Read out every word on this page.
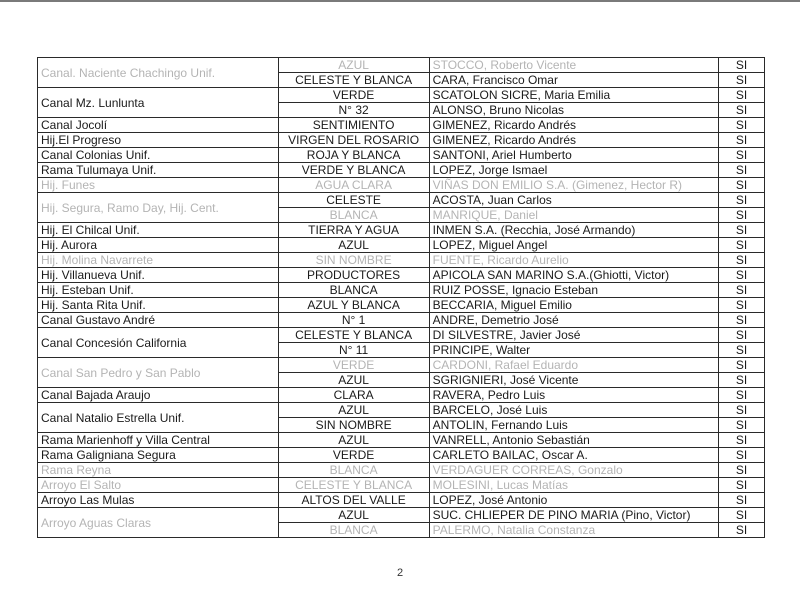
Canal. Naciente Chachingo Unif.	AZUL	STOCCO, Roberto Vicente	SI
	CELESTE Y BLANCA	CARA, Francisco Omar	SI
Canal Mz. Lunlunta	VERDE	SCATOLON SICRE, Maria Emilia	SI
	N° 32	ALONSO, Bruno Nicolas	SI
Canal Jocolí	SENTIMIENTO	GIMENEZ, Ricardo Andrés	SI
Hij.El Progreso	VIRGEN DEL ROSARIO	GIMENEZ, Ricardo Andrés	SI
Canal Colonias Unif.	ROJA Y BLANCA	SANTONI, Ariel Humberto	SI
Rama Tulumaya Unif.	VERDE Y BLANCA	LOPEZ, Jorge Ismael	SI
Hij. Funes	AGUA CLARA	VIÑAS DON EMILIO S.A. (Gimenez, Hector R)	SI
Hij. Segura, Ramo Day, Hij. Cent.	CELESTE	ACOSTA, Juan Carlos	SI
	BLANCA	MANRIQUE, Daniel	SI
Hij. El Chilcal Unif.	TIERRA Y AGUA	INMEN S.A. (Recchia, José Armando)	SI
Hij. Aurora	AZUL	LOPEZ, Miguel Angel	SI
Hij. Molina Navarrete	SIN NOMBRE	FUENTE, Ricardo Aurelio	SI
Hij. Villanueva Unif.	PRODUCTORES	APICOLA SAN MARINO S.A.(Ghiotti, Victor)	SI
Hij. Esteban Unif.	BLANCA	RUIZ POSSE, Ignacio Esteban	SI
Hij. Santa Rita Unif.	AZUL Y BLANCA	BECCARIA, Miguel Emilio	SI
Canal Gustavo André	N° 1	ANDRE, Demetrio José	SI
Canal Concesión California	CELESTE Y BLANCA	DI SILVESTRE, Javier José	SI
	N° 11	PRINCIPE, Walter	SI
Canal San Pedro y San Pablo	VERDE	CARDONI, Rafael Eduardo	SI
	AZUL	SGRIGNIERI, José Vicente	SI
Canal Bajada Araujo	CLARA	RAVERA, Pedro Luis	SI
Canal Natalio Estrella Unif.	AZUL	BARCELO, José Luis	SI
	SIN NOMBRE	ANTOLIN, Fernando Luis	SI
Rama Marienhoff y Villa Central	AZUL	VANRELL, Antonio Sebastián	SI
Rama Galigniana Segura	VERDE	CARLETO BAILAC, Oscar A.	SI
Rama Reyna	BLANCA	VERDAGUER CORREAS, Gonzalo	SI
Arroyo El Salto	CELESTE Y BLANCA	MOLESINI, Lucas Matías	SI
Arroyo Las Mulas	ALTOS DEL VALLE	LOPEZ, José Antonio	SI
Arroyo Aguas Claras	AZUL	SUC. CHLIEPER DE PINO MARIA (Pino, Victor)	SI
	BLANCA	PALERMO, Natalia Constanza	SI
2
